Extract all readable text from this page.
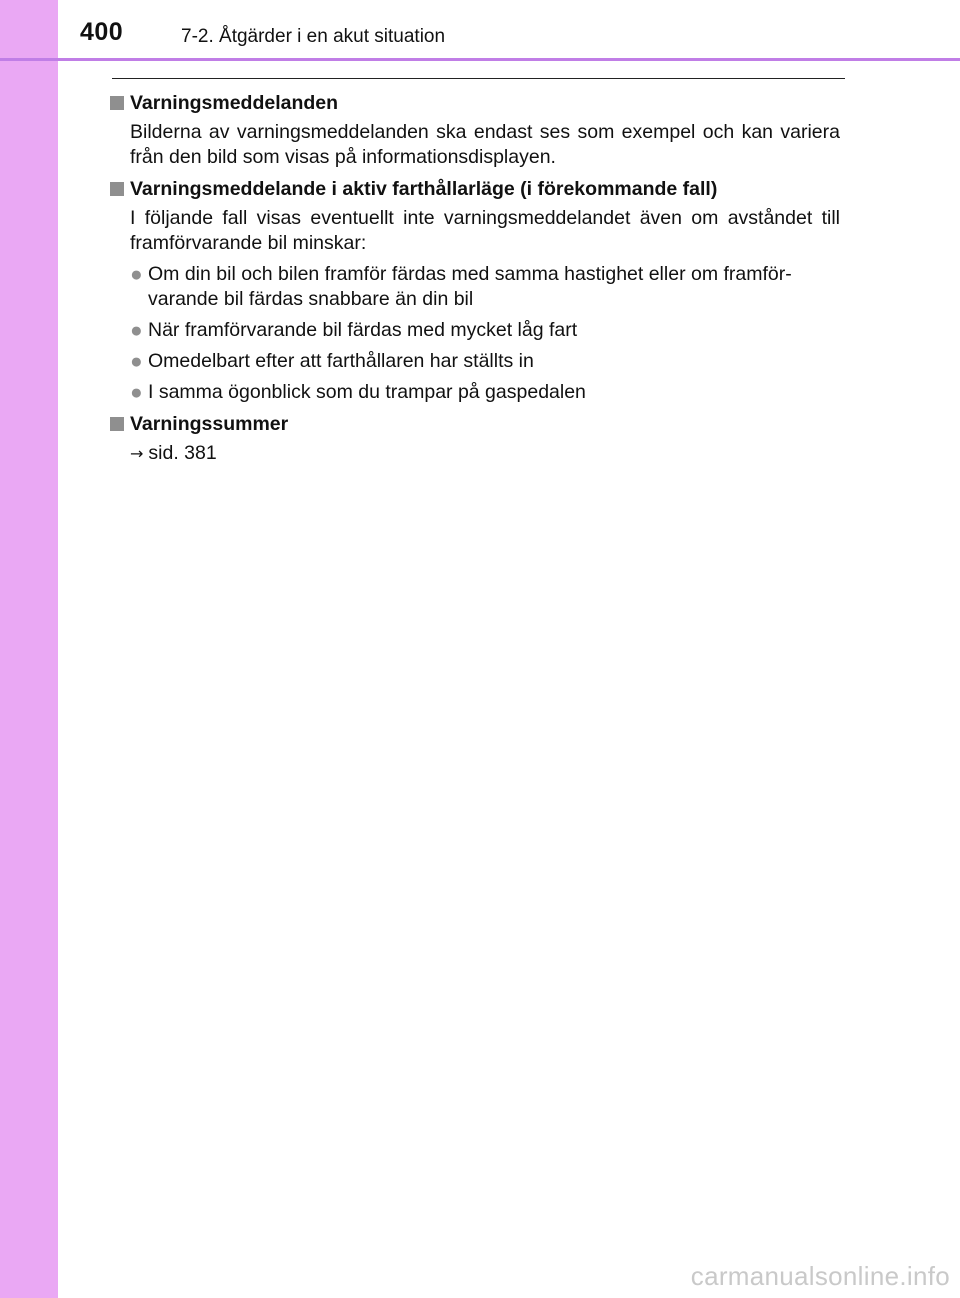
400	7-2. Åtgärder i en akut situation
Varningsmeddelanden
Bilderna av varningsmeddelanden ska endast ses som exempel och kan variera från den bild som visas på informationsdisplayen.
Varningsmeddelande i aktiv farthållarläge (i förekommande fall)
I följande fall visas eventuellt inte varningsmeddelandet även om avståndet till framförvarande bil minskar:
● Om din bil och bilen framför färdas med samma hastighet eller om framför-varande bil färdas snabbare än din bil
● När framförvarande bil färdas med mycket låg fart
● Omedelbart efter att farthållaren har ställts in
● I samma ögonblick som du trampar på gaspedalen
Varningssummer
→ sid. 381
carmanualsonline.info
